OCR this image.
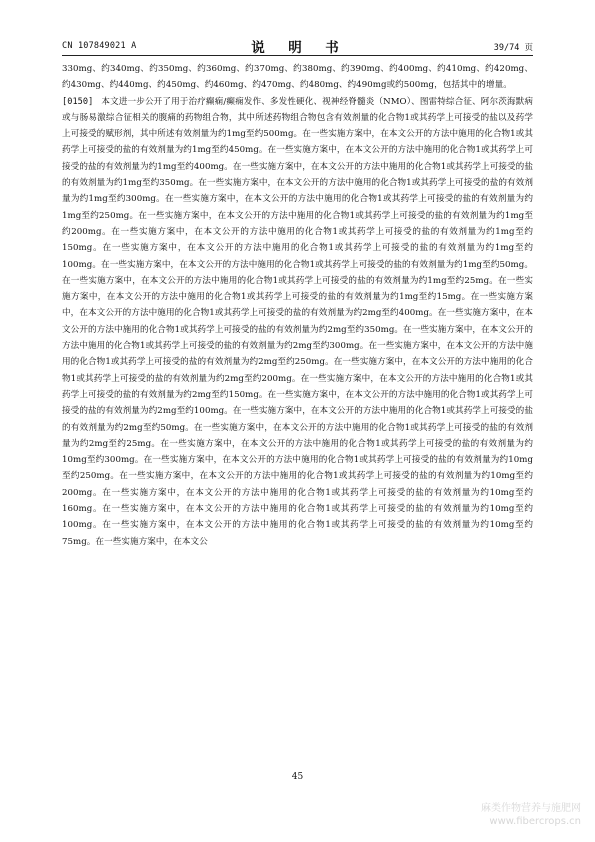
CN 107849021 A	说　明　书	39/74 页

330mg、约340mg、约350mg、约360mg、约370mg、约380mg、约390mg、约400mg、约410mg、约420mg、约430mg、约440mg、约450mg、约460mg、约470mg、约480mg、约490mg或约500mg，包括其中的增量。

[0150] 本文进一步公开了用于治疗癫痫/癫痫发作、多发性硬化、视神经脊髓炎（NMO）、图雷特综合征、阿尔茨海默病或与肠易激综合征相关的腹痛的药物组合物，其中所述药物组合物包含有效剂量的化合物1或其药学上可接受的盐以及药学上可接受的赋形剂，其中所述有效剂量为约1mg至约500mg。在一些实施方案中，在本文公开的方法中施用的化合物1或其药学上可接受的盐的有效剂量为约1mg至约450mg。在一些实施方案中，在本文公开的方法中施用的化合物1或其药学上可接受的盐的有效剂量为约1mg至约400mg。在一些实施方案中，在本文公开的方法中施用的化合物1或其药学上可接受的盐的有效剂量为约1mg至约350mg。在一些实施方案中，在本文公开的方法中施用的化合物1或其药学上可接受的盐的有效剂量为约1mg至约300mg。在一些实施方案中，在本文公开的方法中施用的化合物1或其药学上可接受的盐的有效剂量为约1mg至约250mg。在一些实施方案中，在本文公开的方法中施用的化合物1或其药学上可接受的盐的有效剂量为约1mg至约200mg。在一些实施方案中，在本文公开的方法中施用的化合物1或其药学上可接受的盐的有效剂量为约1mg至约150mg。在一些实施方案中，在本文公开的方法中施用的化合物1或其药学上可接受的盐的有效剂量为约1mg至约100mg。在一些实施方案中，在本文公开的方法中施用的化合物1或其药学上可接受的盐的有效剂量为约1mg至约50mg。在一些实施方案中，在本文公开的方法中施用的化合物1或其药学上可接受的盐的有效剂量为约1mg至约25mg。在一些实施方案中，在本文公开的方法中施用的化合物1或其药学上可接受的盐的有效剂量为约1mg至约15mg。在一些实施方案中，在本文公开的方法中施用的化合物1或其药学上可接受的盐的有效剂量为约2mg至约400mg。在一些实施方案中，在本文公开的方法中施用的化合物1或其药学上可接受的盐的有效剂量为约2mg至约350mg。在一些实施方案中，在本文公开的方法中施用的化合物1或其药学上可接受的盐的有效剂量为约2mg至约300mg。在一些实施方案中，在本文公开的方法中施用的化合物1或其药学上可接受的盐的有效剂量为约2mg至约250mg。在一些实施方案中，在本文公开的方法中施用的化合物1或其药学上可接受的盐的有效剂量为约2mg至约200mg。在一些实施方案中，在本文公开的方法中施用的化合物1或其药学上可接受的盐的有效剂量为约2mg至约150mg。在一些实施方案中，在本文公开的方法中施用的化合物1或其药学上可接受的盐的有效剂量为约2mg至约100mg。在一些实施方案中，在本文公开的方法中施用的化合物1或其药学上可接受的盐的有效剂量为约2mg至约50mg。在一些实施方案中，在本文公开的方法中施用的化合物1或其药学上可接受的盐的有效剂量为约2mg至约25mg。在一些实施方案中，在本文公开的方法中施用的化合物1或其药学上可接受的盐的有效剂量为约10mg至约300mg。在一些实施方案中，在本文公开的方法中施用的化合物1或其药学上可接受的盐的有效剂量为约10mg至约250mg。在一些实施方案中，在本文公开的方法中施用的化合物1或其药学上可接受的盐的有效剂量为约10mg至约200mg。在一些实施方案中，在本文公开的方法中施用的化合物1或其药学上可接受的盐的有效剂量为约10mg至约160mg。在一些实施方案中，在本文公开的方法中施用的化合物1或其药学上可接受的盐的有效剂量为约10mg至约100mg。在一些实施方案中，在本文公开的方法中施用的化合物1或其药学上可接受的盐的有效剂量为约10mg至约75mg。在一些实施方案中，在本文公

45
麻类作物营养与施肥网
www.fibercrops.cn
